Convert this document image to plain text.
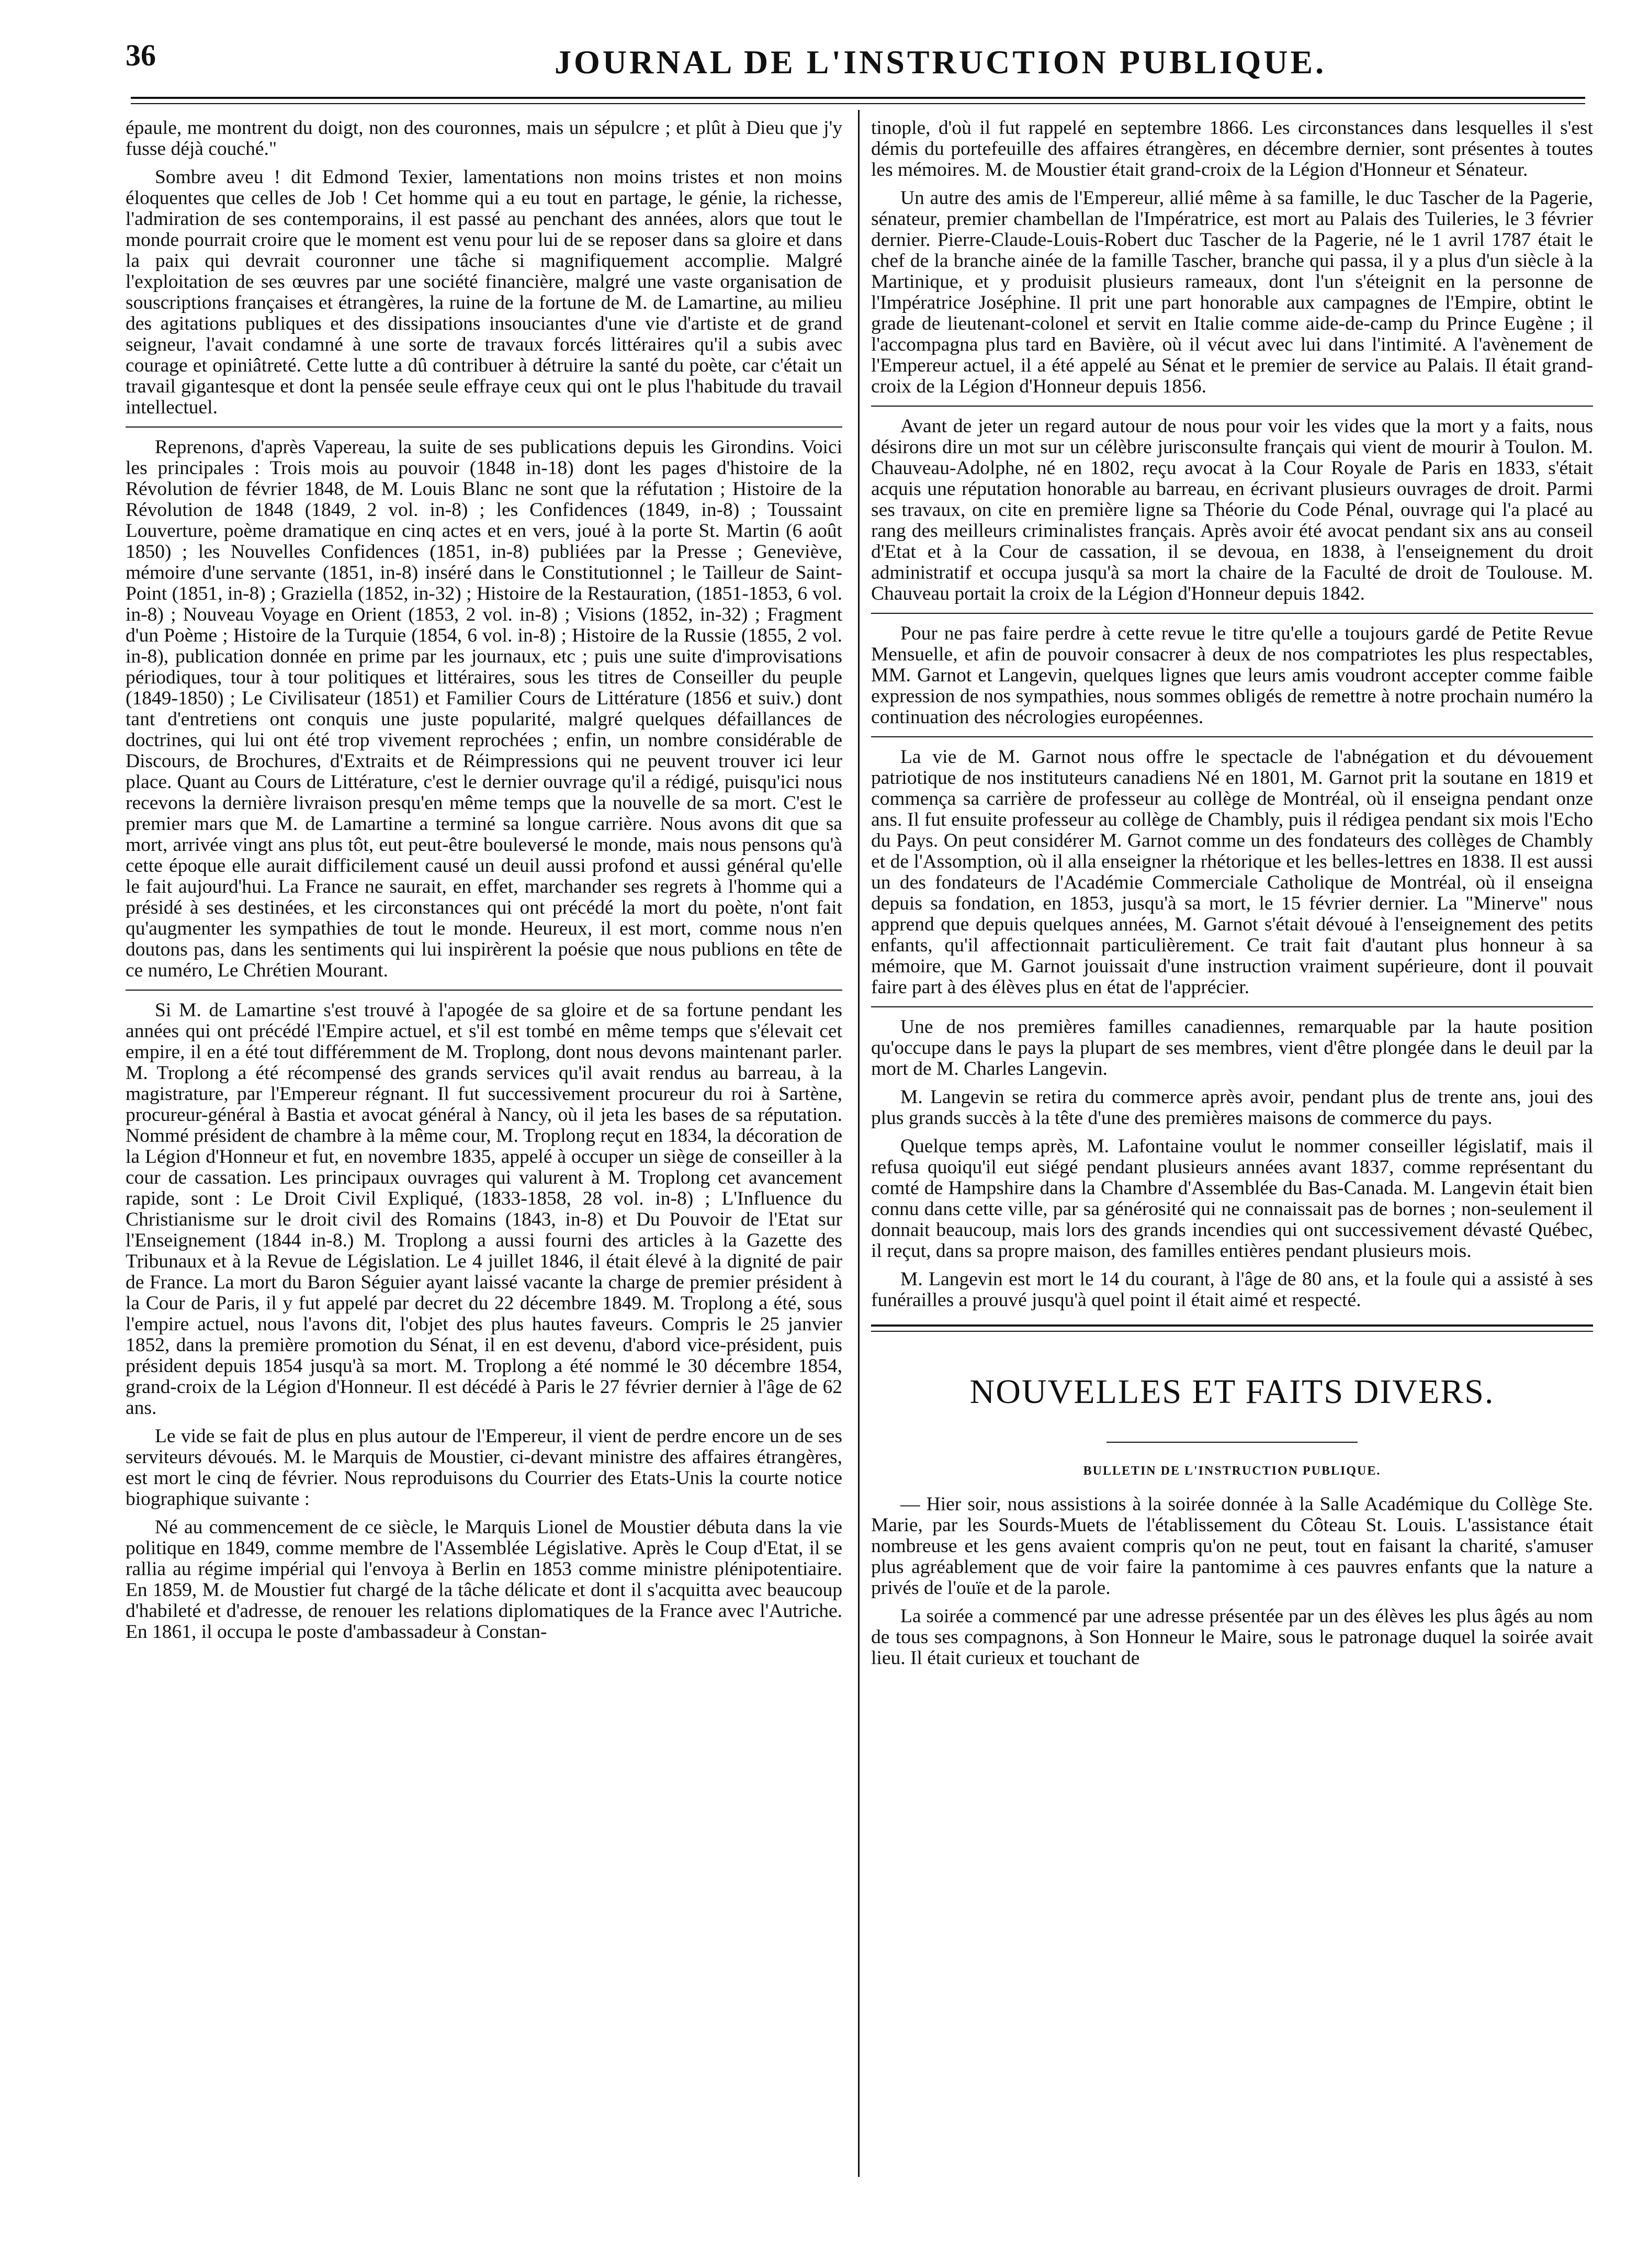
36	JOURNAL DE L'INSTRUCTION PUBLIQUE.

épaule, me montrent du doigt, non des couronnes, mais un sépulcre ; et plût à Dieu que j'y fusse déjà couché."

Sombre aveu ! dit Edmond Texier, lamentations non moins tristes et non moins éloquentes que celles de Job ! Cet homme qui a eu tout en partage, le génie, la richesse, l'admiration de ses contemporains, il est passé au penchant des années, alors que tout le monde pourrait croire que le moment est venu pour lui de se reposer dans sa gloire et dans la paix qui devrait couronner une tâche si magnifiquement accomplie. Malgré l'exploitation de ses œuvres par une société financière, malgré une vaste organisation de souscriptions françaises et étrangères, la ruine de la fortune de M. de Lamartine, au milieu des agitations publiques et des dissipations insouciantes d'une vie d'artiste et de grand seigneur, l'avait condamné à une sorte de travaux forcés littéraires qu'il a subis avec courage et opiniâtreté. Cette lutte a dû contribuer à détruire la santé du poète, car c'était un travail gigantesque et dont la pensée seule effraye ceux qui ont le plus l'habitude du travail intellectuel.

Reprenons, d'après Vapereau, la suite de ses publications depuis les Girondins. Voici les principales : Trois mois au pouvoir (1848 in-18) dont les pages d'histoire de la Révolution de février 1848, de M. Louis Blanc ne sont que la réfutation ; Histoire de la Révolution de 1848 (1849, 2 vol. in-8) ; les Confidences (1849, in-8) ; Toussaint Louverture, poème dramatique en cinq actes et en vers, joué à la porte St. Martin (6 août 1850) ; les Nouvelles Confidences (1851, in-8) publiées par la Presse ; Geneviève, mémoire d'une servante (1851, in-8) inséré dans le Constitutionnel ; le Tailleur de Saint-Point (1851, in-8) ; Graziella (1852, in-32) ; Histoire de la Restauration, (1851-1853, 6 vol. in-8) ; Nouveau Voyage en Orient (1853, 2 vol. in-8) ; Visions (1852, in-32) ; Fragment d'un Poème ; Histoire de la Turquie (1854, 6 vol. in-8) ; Histoire de la Russie (1855, 2 vol. in-8), publication donnée en prime par les journaux, etc ; puis une suite d'improvisations périodiques, tour à tour politiques et littéraires, sous les titres de Conseiller du peuple (1849-1850) ; Le Civilisateur (1851) et Familier Cours de Littérature (1856 et suiv.) dont tant d'entretiens ont conquis une juste popularité, malgré quelques défaillances de doctrines, qui lui ont été trop vivement reprochées ; enfin, un nombre considérable de Discours, de Brochures, d'Extraits et de Réimpressions qui ne peuvent trouver ici leur place. Quant au Cours de Littérature, c'est le dernier ouvrage qu'il a rédigé, puisqu'ici nous recevons la dernière livraison presqu'en même temps que la nouvelle de sa mort. C'est le premier mars que M. de Lamartine a terminé sa longue carrière. Nous avons dit que sa mort, arrivée vingt ans plus tôt, eut peut-être bouleversé le monde, mais nous pensons qu'à cette époque elle aurait difficilement causé un deuil aussi profond et aussi général qu'elle le fait aujourd'hui. La France ne saurait, en effet, marchander ses regrets à l'homme qui a présidé à ses destinées, et les circonstances qui ont précédé la mort du poète, n'ont fait qu'augmenter les sympathies de tout le monde. Heureux, il est mort, comme nous n'en doutons pas, dans les sentiments qui lui inspirèrent la poésie que nous publions en tête de ce numéro, Le Chrétien Mourant.

Si M. de Lamartine s'est trouvé à l'apogée de sa gloire et de sa fortune pendant les années qui ont précédé l'Empire actuel, et s'il est tombé en même temps que s'élevait cet empire, il en a été tout différemment de M. Troplong, dont nous devons maintenant parler. M. Troplong a été récompensé des grands services qu'il avait rendus au barreau, à la magistrature, par l'Empereur régnant. Il fut successivement procureur du roi à Sartène, procureur-général à Bastia et avocat général à Nancy, où il jeta les bases de sa réputation. Nommé président de chambre à la même cour, M. Troplong reçut en 1834, la décoration de la Légion d'Honneur et fut, en novembre 1835, appelé à occuper un siège de conseiller à la cour de cassation. Les principaux ouvrages qui valurent à M. Troplong cet avancement rapide, sont : Le Droit Civil Expliqué, (1833-1858, 28 vol. in-8) ; L'Influence du Christianisme sur le droit civil des Romains (1843, in-8) et Du Pouvoir de l'Etat sur l'Enseignement (1844 in-8.) M. Troplong a aussi fourni des articles à la Gazette des Tribunaux et à la Revue de Législation. Le 4 juillet 1846, il était élevé à la dignité de pair de France. La mort du Baron Séguier ayant laissé vacante la charge de premier président à la Cour de Paris, il y fut appelé par decret du 22 décembre 1849. M. Troplong a été, sous l'empire actuel, nous l'avons dit, l'objet des plus hautes faveurs. Compris le 25 janvier 1852, dans la première promotion du Sénat, il en est devenu, d'abord vice-président, puis président depuis 1854 jusqu'à sa mort. M. Troplong a été nommé le 30 décembre 1854, grand-croix de la Légion d'Honneur. Il est décédé à Paris le 27 février dernier à l'âge de 62 ans.

Le vide se fait de plus en plus autour de l'Empereur, il vient de perdre encore un de ses serviteurs dévoués. M. le Marquis de Moustier, ci-devant ministre des affaires étrangères, est mort le cinq de février. Nous reproduisons du Courrier des Etats-Unis la courte notice biographique suivante :

Né au commencement de ce siècle, le Marquis Lionel de Moustier débuta dans la vie politique en 1849, comme membre de l'Assemblée Législative. Après le Coup d'Etat, il se rallia au régime impérial qui l'envoya à Berlin en 1853 comme ministre plénipotentiaire. En 1859, M. de Moustier fut chargé de la tâche délicate et dont il s'acquitta avec beaucoup d'habileté et d'adresse, de renouer les relations diplomatiques de la France avec l'Autriche. En 1861, il occupa le poste d'ambassadeur à Constan-

tinople, d'où il fut rappelé en septembre 1866. Les circonstances dans lesquelles il s'est démis du portefeuille des affaires étrangères, en décembre dernier, sont présentes à toutes les mémoires. M. de Moustier était grand-croix de la Légion d'Honneur et Sénateur.

Un autre des amis de l'Empereur, allié même à sa famille, le duc Tascher de la Pagerie, sénateur, premier chambellan de l'Impératrice, est mort au Palais des Tuileries, le 3 février dernier. Pierre-Claude-Louis-Robert duc Tascher de la Pagerie, né le 1 avril 1787 était le chef de la branche ainée de la famille Tascher, branche qui passa, il y a plus d'un siècle à la Martinique, et y produisit plusieurs rameaux, dont l'un s'éteignit en la personne de l'Impératrice Joséphine. Il prit une part honorable aux campagnes de l'Empire, obtint le grade de lieutenant-colonel et servit en Italie comme aide-de-camp du Prince Eugène ; il l'accompagna plus tard en Bavière, où il vécut avec lui dans l'intimité. A l'avènement de l'Empereur actuel, il a été appelé au Sénat et le premier de service au Palais. Il était grand-croix de la Légion d'Honneur depuis 1856.

Avant de jeter un regard autour de nous pour voir les vides que la mort y a faits, nous désirons dire un mot sur un célèbre jurisconsulte français qui vient de mourir à Toulon. M. Chauveau-Adolphe, né en 1802, reçu avocat à la Cour Royale de Paris en 1833, s'était acquis une réputation honorable au barreau, en écrivant plusieurs ouvrages de droit. Parmi ses travaux, on cite en première ligne sa Théorie du Code Pénal, ouvrage qui l'a placé au rang des meilleurs criminalistes français. Après avoir été avocat pendant six ans au conseil d'Etat et à la Cour de cassation, il se devoua, en 1838, à l'enseignement du droit administratif et occupa jusqu'à sa mort la chaire de la Faculté de droit de Toulouse. M. Chauveau portait la croix de la Légion d'Honneur depuis 1842.

Pour ne pas faire perdre à cette revue le titre qu'elle a toujours gardé de Petite Revue Mensuelle, et afin de pouvoir consacrer à deux de nos compatriotes les plus respectables, MM. Garnot et Langevin, quelques lignes que leurs amis voudront accepter comme faible expression de nos sympathies, nous sommes obligés de remettre à notre prochain numéro la continuation des nécrologies européennes.

La vie de M. Garnot nous offre le spectacle de l'abnégation et du dévouement patriotique de nos instituteurs canadiens Né en 1801, M. Garnot prit la soutane en 1819 et commença sa carrière de professeur au collège de Montréal, où il enseigna pendant onze ans. Il fut ensuite professeur au collège de Chambly, puis il rédigea pendant six mois l'Echo du Pays. On peut considérer M. Garnot comme un des fondateurs des collèges de Chambly et de l'Assomption, où il alla enseigner la rhétorique et les belles-lettres en 1838. Il est aussi un des fondateurs de l'Académie Commerciale Catholique de Montréal, où il enseigna depuis sa fondation, en 1853, jusqu'à sa mort, le 15 février dernier. La "Minerve" nous apprend que depuis quelques années, M. Garnot s'était dévoué à l'enseignement des petits enfants, qu'il affectionnait particulièrement. Ce trait fait d'autant plus honneur à sa mémoire, que M. Garnot jouissait d'une instruction vraiment supérieure, dont il pouvait faire part à des élèves plus en état de l'apprécier.

Une de nos premières familles canadiennes, remarquable par la haute position qu'occupe dans le pays la plupart de ses membres, vient d'être plongée dans le deuil par la mort de M. Charles Langevin.

M. Langevin se retira du commerce après avoir, pendant plus de trente ans, joui des plus grands succès à la tête d'une des premières maisons de commerce du pays.

Quelque temps après, M. Lafontaine voulut le nommer conseiller législatif, mais il refusa quoiqu'il eut siégé pendant plusieurs années avant 1837, comme représentant du comté de Hampshire dans la Chambre d'Assemblée du Bas-Canada. M. Langevin était bien connu dans cette ville, par sa générosité qui ne connaissait pas de bornes ; non-seulement il donnait beaucoup, mais lors des grands incendies qui ont successivement dévasté Québec, il reçut, dans sa propre maison, des familles entières pendant plusieurs mois.

M. Langevin est mort le 14 du courant, à l'âge de 80 ans, et la foule qui a assisté à ses funérailles a prouvé jusqu'à quel point il était aimé et respecté.

NOUVELLES ET FAITS DIVERS.
BULLETIN DE L'INSTRUCTION PUBLIQUE.

— Hier soir, nous assistions à la soirée donnée à la Salle Académique du Collège Ste. Marie, par les Sourds-Muets de l'établissement du Côteau St. Louis. L'assistance était nombreuse et les gens avaient compris qu'on ne peut, tout en faisant la charité, s'amuser plus agréablement que de voir faire la pantomime à ces pauvres enfants que la nature a privés de l'ouïe et de la parole.

La soirée a commencé par une adresse présentée par un des élèves les plus âgés au nom de tous ses compagnons, à Son Honneur le Maire, sous le patronage duquel la soirée avait lieu. Il était curieux et touchant de
